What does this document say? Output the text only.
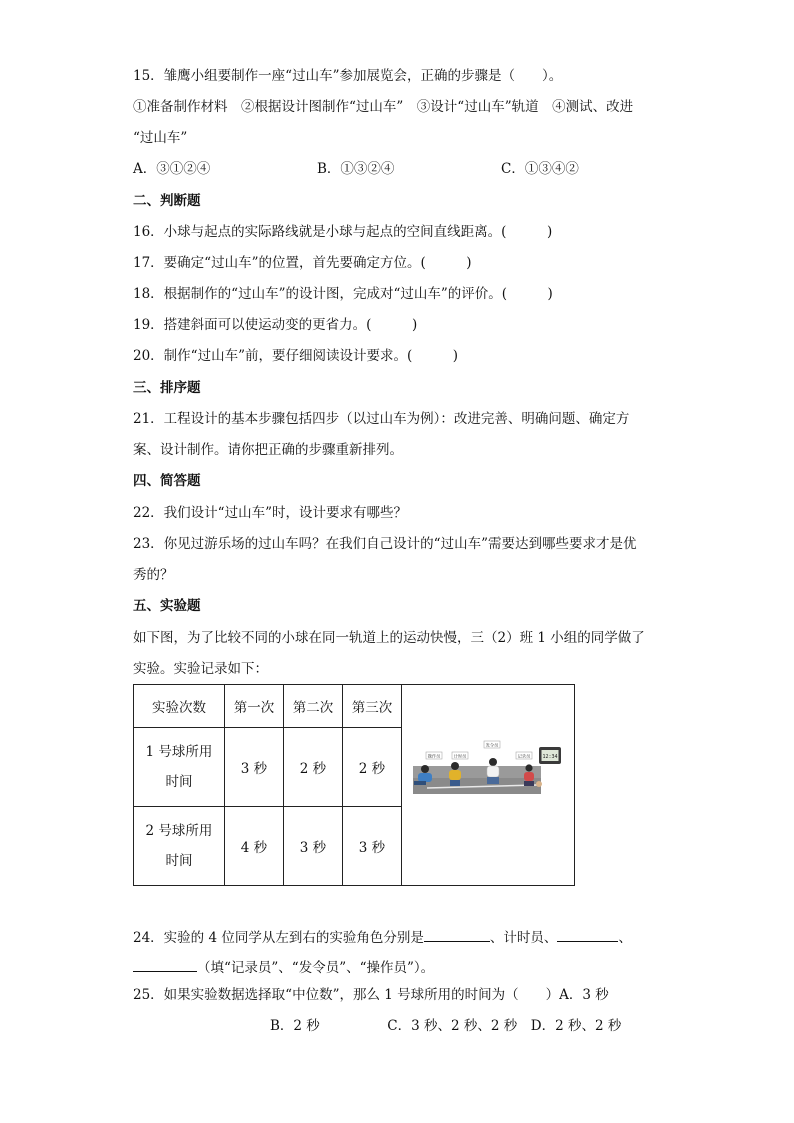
15．雏鹰小组要制作一座“过山车”参加展览会，正确的步骤是（　　）。
①准备制作材料　②根据设计图制作“过山车”　③设计“过山车”轨道　④测试、改进
“过山车”
A．③①②④	B．①③②④	C．①③④②
二、判断题
16．小球与起点的实际路线就是小球与起点的空间直线距离。(　　　)
17．要确定“过山车”的位置，首先要确定方位。(　　　)
18．根据制作的“过山车”的设计图，完成对“过山车”的评价。(　　　)
19．搭建斜面可以使运动变的更省力。(　　　)
20．制作“过山车”前，要仔细阅读设计要求。(　　　)
三、排序题
21．工程设计的基本步骤包括四步（以过山车为例）：改进完善、明确问题、确定方
案、设计制作。请你把正确的步骤重新排列。
四、简答题
22．我们设计“过山车”时，设计要求有哪些？
23．你见过游乐场的过山车吗？在我们自己设计的“过山车”需要达到哪些要求才是优
秀的？
五、实验题
如下图，为了比较不同的小球在同一轨道上的运动快慢，三（2）班 1 小组的同学做了
实验。实验记录如下：
实验次数	第一次	第二次	第三次	

1 号球所用
时间	3 秒	2 秒	2 秒	

2 号球所用
时间	4 秒	3 秒	3 秒	
操作员	计时员
发令员
记录员 12:34
24．实验的 4 位同学从左到右的实验角色分别是	、计时员、	、
（填“记录员”、“发令员”、“操作员”）。
25．如果实验数据选择取“中位数”，那么 1 号球所用的时间为（　　）A．3 秒
B．2 秒　　　　　C．3 秒、2 秒、2 秒　D．2 秒、2 秒
